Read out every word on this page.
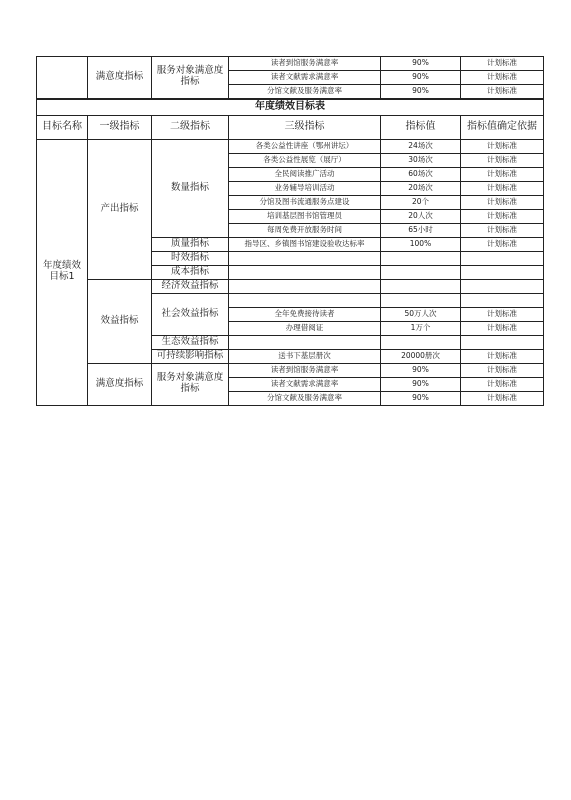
	满意度指标	服务对象满意度指标	读者到馆服务满意率	90%	计划标准
			读者文献需求满意率	90%	计划标准
			分馆文献及服务满意率	90%	计划标准
年度绩效目标表					
目标名称	一级指标	二级指标	三级指标	指标值	指标值确定依据
年度绩效目标1	产出指标	数量指标	各类公益性讲座（鄂州讲坛）	24场次	计划标准
			各类公益性展览（展厅）	30场次	计划标准
			全民阅读推广活动	60场次	计划标准
			业务辅导培训活动	20场次	计划标准
			分馆及图书流通服务点建设	20个	计划标准
			培训基层图书馆管理员	20人次	计划标准
			每周免费开放服务时间	65小时	计划标准
		质量指标	指导区、乡镇图书馆建设验收达标率	100%	计划标准
		时效指标			
		成本指标			
	效益指标	经济效益指标			
		社会效益指标			
			全年免费接待读者	50万人次	计划标准
			办理借阅证	1万个	计划标准
		生态效益指标			
		可持续影响指标	送书下基层册次	20000册次	计划标准
	满意度指标	服务对象满意度指标	读者到馆服务满意率	90%	计划标准
			读者文献需求满意率	90%	计划标准
			分馆文献及服务满意率	90%	计划标准
